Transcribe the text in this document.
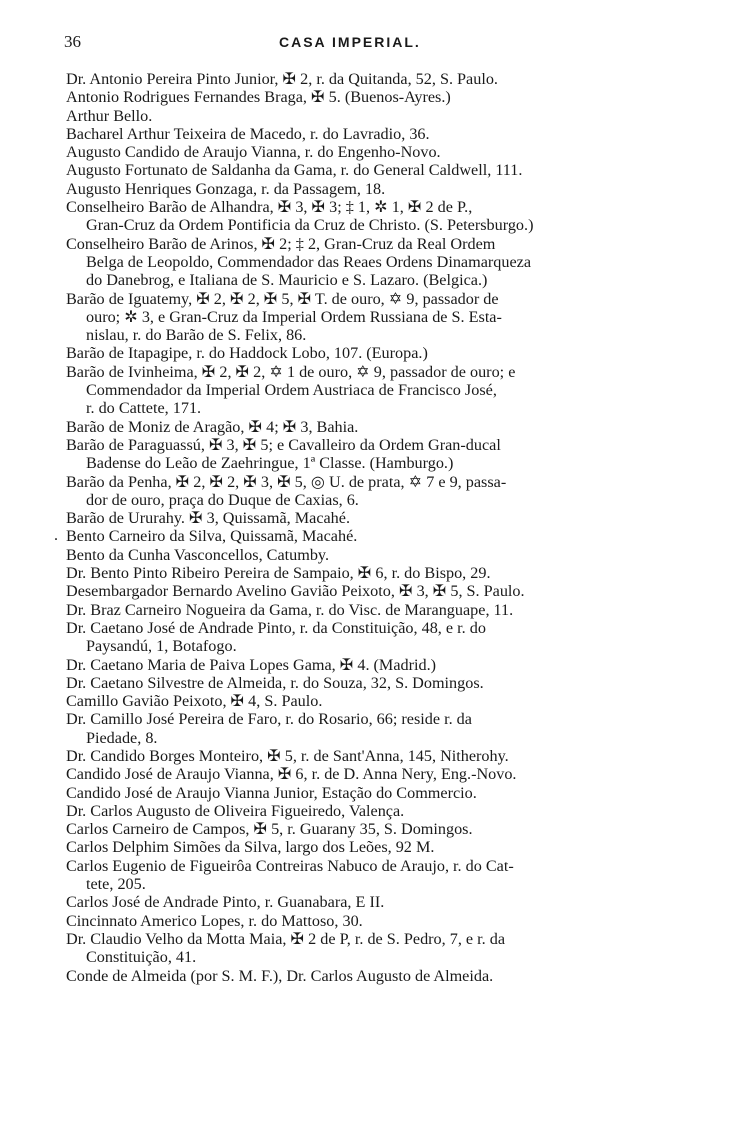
36	CASA IMPERIAL.
Dr. Antonio Pereira Pinto Junior, ✠ 2, r. da Quitanda, 52, S. Paulo.
Antonio Rodrigues Fernandes Braga, ✠ 5. (Buenos-Ayres.)
Arthur Bello.
Bacharel Arthur Teixeira de Macedo, r. do Lavradio, 36.
Augusto Candido de Araujo Vianna, r. do Engenho-Novo.
Augusto Fortunato de Saldanha da Gama, r. do General Caldwell, 111.
Augusto Henriques Gonzaga, r. da Passagem, 18.
Conselheiro Barão de Alhandra, ✠ 3, ✠ 3; ‡ 1, ✲ 1, ✠ 2 de P.,
Gran-Cruz da Ordem Pontificia da Cruz de Christo. (S. Petersburgo.)
Conselheiro Barão de Arinos, ✠ 2; ‡ 2, Gran-Cruz da Real Ordem
Belga de Leopoldo, Commendador das Reaes Ordens Dinamarqueza
do Danebrog, e Italiana de S. Mauricio e S. Lazaro. (Belgica.)
Barão de Iguatemy, ✠ 2, ✠ 2, ✠ 5, ✠ T. de ouro, ✡ 9, passador de
ouro; ✲ 3, e Gran-Cruz da Imperial Ordem Russiana de S. Esta-
nislau, r. do Barão de S. Felix, 86.
Barão de Itapagipe, r. do Haddock Lobo, 107. (Europa.)
Barão de Ivinheima, ✠ 2, ✠ 2, ✡ 1 de ouro, ✡ 9, passador de ouro; e
Commendador da Imperial Ordem Austriaca de Francisco José,
r. do Cattete, 171.
Barão de Moniz de Aragão, ✠ 4; ✠ 3, Bahia.
Barão de Paraguassú, ✠ 3, ✠ 5; e Cavalleiro da Ordem Gran-ducal
Badense do Leão de Zaehringue, 1ª Classe. (Hamburgo.)
Barão da Penha, ✠ 2, ✠ 2, ✠ 3, ✠ 5, ◎ U. de prata, ✡ 7 e 9, passa-
dor de ouro, praça do Duque de Caxias, 6.
Barão de Ururahy. ✠ 3, Quissamã, Macahé.
Bento Carneiro da Silva, Quissamã, Macahé.
.
Bento da Cunha Vasconcellos, Catumby.
Dr. Bento Pinto Ribeiro Pereira de Sampaio, ✠ 6, r. do Bispo, 29.
Desembargador Bernardo Avelino Gavião Peixoto, ✠ 3, ✠ 5, S. Paulo.
Dr. Braz Carneiro Nogueira da Gama, r. do Visc. de Maranguape, 11.
Dr. Caetano José de Andrade Pinto, r. da Constituição, 48, e r. do
Paysandú, 1, Botafogo.
Dr. Caetano Maria de Paiva Lopes Gama, ✠ 4. (Madrid.)
Dr. Caetano Silvestre de Almeida, r. do Souza, 32, S. Domingos.
Camillo Gavião Peixoto, ✠ 4, S. Paulo.
Dr. Camillo José Pereira de Faro, r. do Rosario, 66; reside r. da
Piedade, 8.
Dr. Candido Borges Monteiro, ✠ 5, r. de Sant'Anna, 145, Nitherohy.
Candido José de Araujo Vianna, ✠ 6, r. de D. Anna Nery, Eng.-Novo.
Candido José de Araujo Vianna Junior, Estação do Commercio.
Dr. Carlos Augusto de Oliveira Figueiredo, Valença.
Carlos Carneiro de Campos, ✠ 5, r. Guarany 35, S. Domingos.
Carlos Delphim Simões da Silva, largo dos Leões, 92 M.
Carlos Eugenio de Figueirôa Contreiras Nabuco de Araujo, r. do Cat-
tete, 205.
Carlos José de Andrade Pinto, r. Guanabara, E II.
Cincinnato Americo Lopes, r. do Mattoso, 30.
Dr. Claudio Velho da Motta Maia, ✠ 2 de P, r. de S. Pedro, 7, e r. da
Constituição, 41.
Conde de Almeida (por S. M. F.), Dr. Carlos Augusto de Almeida.
